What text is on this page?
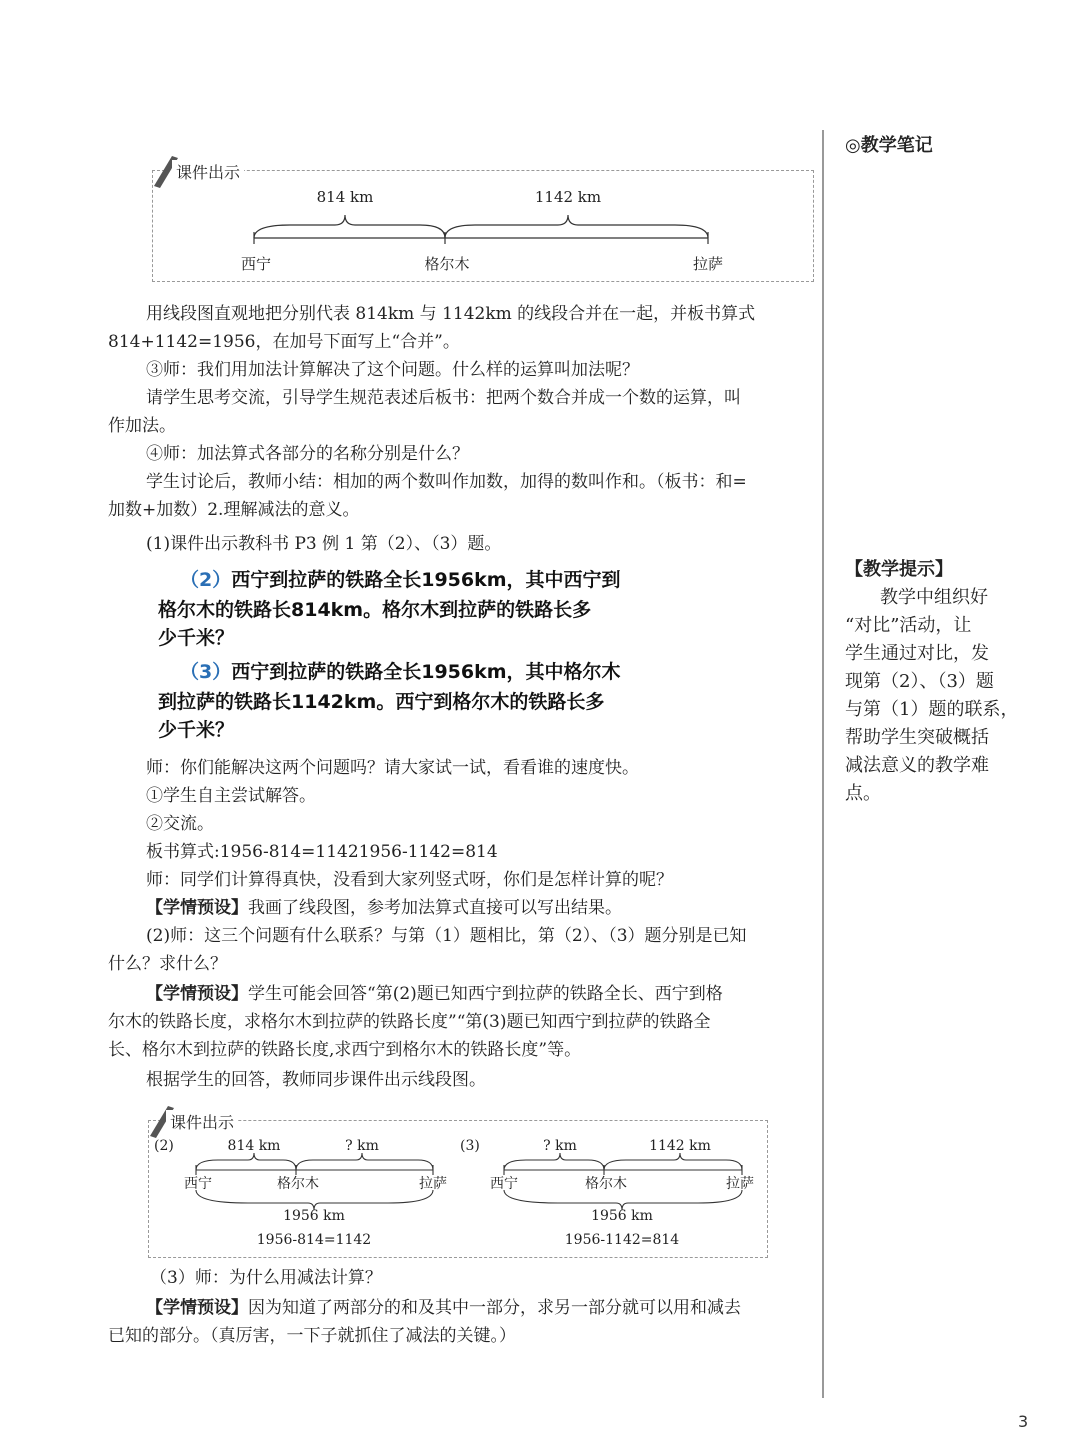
◎教学笔记
【教学提示】
教学中组织好
“对比”活动，让
学生通过对比，发
现第（2）、（3）题
与第（1）题的联系，
帮助学生突破概括
减法意义的教学难
点。
课件出示
814 km	1142 km
西宁	格尔木	拉萨
用线段图直观地把分别代表 814km 与 1142km 的线段合并在一起，并板书算式
814+1142=1956，在加号下面写上“合并”。
③师：我们用加法计算解决了这个问题。什么样的运算叫加法呢？
请学生思考交流，引导学生规范表述后板书：把两个数合并成一个数的运算，叫
作加法。
④师：加法算式各部分的名称分别是什么？
学生讨论后，教师小结：相加的两个数叫作加数，加得的数叫作和。（板书：和=
加数+加数）2.理解减法的意义。
(1)课件出示教科书 P3 例 1 第（2）、（3）题。
（2）西宁到拉萨的铁路全长1956km，其中西宁到
格尔木的铁路长814km。格尔木到拉萨的铁路长多
少千米？
（3）西宁到拉萨的铁路全长1956km，其中格尔木
到拉萨的铁路长1142km。西宁到格尔木的铁路长多
少千米？
师：你们能解决这两个问题吗？请大家试一试，看看谁的速度快。
①学生自主尝试解答。
②交流。
板书算式:1956-814=11421956-1142=814
师：同学们计算得真快，没看到大家列竖式呀，你们是怎样计算的呢？
【学情预设】我画了线段图，参考加法算式直接可以写出结果。
(2)师：这三个问题有什么联系？与第（1）题相比，第（2）、（3）题分别是已知
什么？求什么？
【学情预设】学生可能会回答“第(2)题已知西宁到拉萨的铁路全长、西宁到格
尔木的铁路长度，求格尔木到拉萨的铁路长度”“第(3)题已知西宁到拉萨的铁路全
长、格尔木到拉萨的铁路长度,求西宁到格尔木的铁路长度”等。
根据学生的回答，教师同步课件出示线段图。
课件出示
(2)	814 km	? km
西宁	格尔木	拉萨
1956 km
1956-814=1142
(3)	? km	1142 km
西宁	格尔木	拉萨
1956 km
1956-1142=814
（3）师：为什么用减法计算？
【学情预设】因为知道了两部分的和及其中一部分，求另一部分就可以用和减去
已知的部分。（真厉害，一下子就抓住了减法的关键。）
3
